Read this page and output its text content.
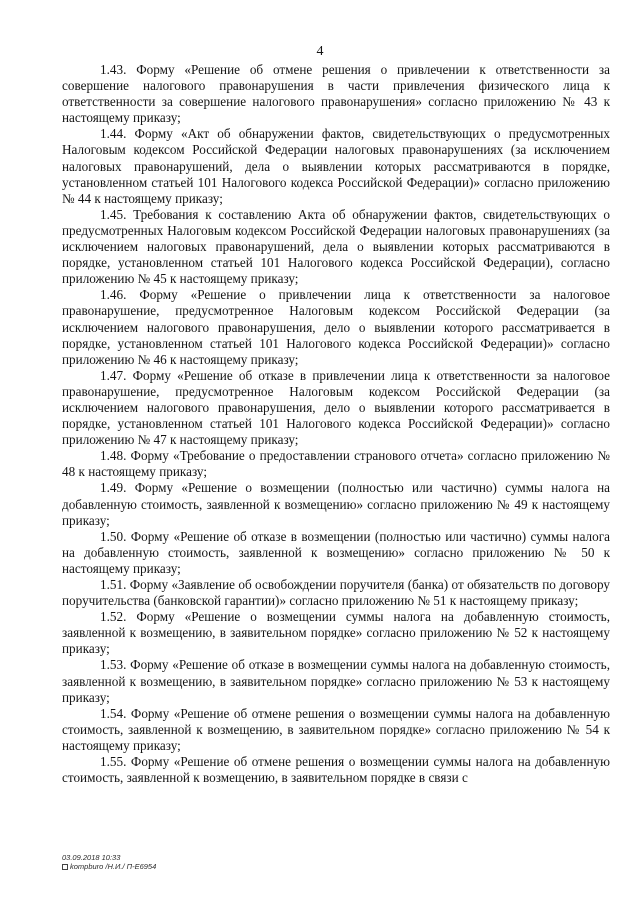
4

1.43. Форму «Решение об отмене решения о привлечении к ответственности за совершение налогового правонарушения в части привлечения физического лица к ответственности за совершение налогового правонарушения» согласно приложению № 43 к настоящему приказу;

1.44. Форму «Акт об обнаружении фактов, свидетельствующих о предусмотренных Налоговым кодексом Российской Федерации налоговых правонарушениях (за исключением налоговых правонарушений, дела о выявлении которых рассматриваются в порядке, установленном статьей 101 Налогового кодекса Российской Федерации)» согласно приложению № 44 к настоящему приказу;

1.45. Требования к составлению Акта об обнаружении фактов, свидетельствующих о предусмотренных Налоговым кодексом Российской Федерации налоговых правонарушениях (за исключением налоговых правонарушений, дела о выявлении которых рассматриваются в порядке, установленном статьей 101 Налогового кодекса Российской Федерации), согласно приложению № 45 к настоящему приказу;

1.46. Форму «Решение о привлечении лица к ответственности за налоговое правонарушение, предусмотренное Налоговым кодексом Российской Федерации (за исключением налогового правонарушения, дело о выявлении которого рассматривается в порядке, установленном статьей 101 Налогового кодекса Российской Федерации)» согласно приложению № 46 к настоящему приказу;

1.47. Форму «Решение об отказе в привлечении лица к ответственности за налоговое правонарушение, предусмотренное Налоговым кодексом Российской Федерации (за исключением налогового правонарушения, дело о выявлении которого рассматривается в порядке, установленном статьей 101 Налогового кодекса Российской Федерации)» согласно приложению № 47 к настоящему приказу;

1.48. Форму «Требование о предоставлении странового отчета» согласно приложению № 48 к настоящему приказу;

1.49. Форму «Решение о возмещении (полностью или частично) суммы налога на добавленную стоимость, заявленной к возмещению» согласно приложению № 49 к настоящему приказу;

1.50. Форму «Решение об отказе в возмещении (полностью или частично) суммы налога на добавленную стоимость, заявленной к возмещению» согласно приложению № 50 к настоящему приказу;

1.51. Форму «Заявление об освобождении поручителя (банка) от обязательств по договору поручительства (банковской гарантии)» согласно приложению № 51 к настоящему приказу;

1.52. Форму «Решение о возмещении суммы налога на добавленную стоимость, заявленной к возмещению, в заявительном порядке» согласно приложению № 52 к настоящему приказу;

1.53. Форму «Решение об отказе в возмещении суммы налога на добавленную стоимость, заявленной к возмещению, в заявительном порядке» согласно приложению № 53 к настоящему приказу;

1.54. Форму «Решение об отмене решения о возмещении суммы налога на добавленную стоимость, заявленной к возмещению, в заявительном порядке» согласно приложению № 54 к настоящему приказу;

1.55. Форму «Решение об отмене решения о возмещении суммы налога на добавленную стоимость, заявленной к возмещению, в заявительном порядке в связи с

03.09.2018 10:33
kompburo /Н.И./ П-Е6954
